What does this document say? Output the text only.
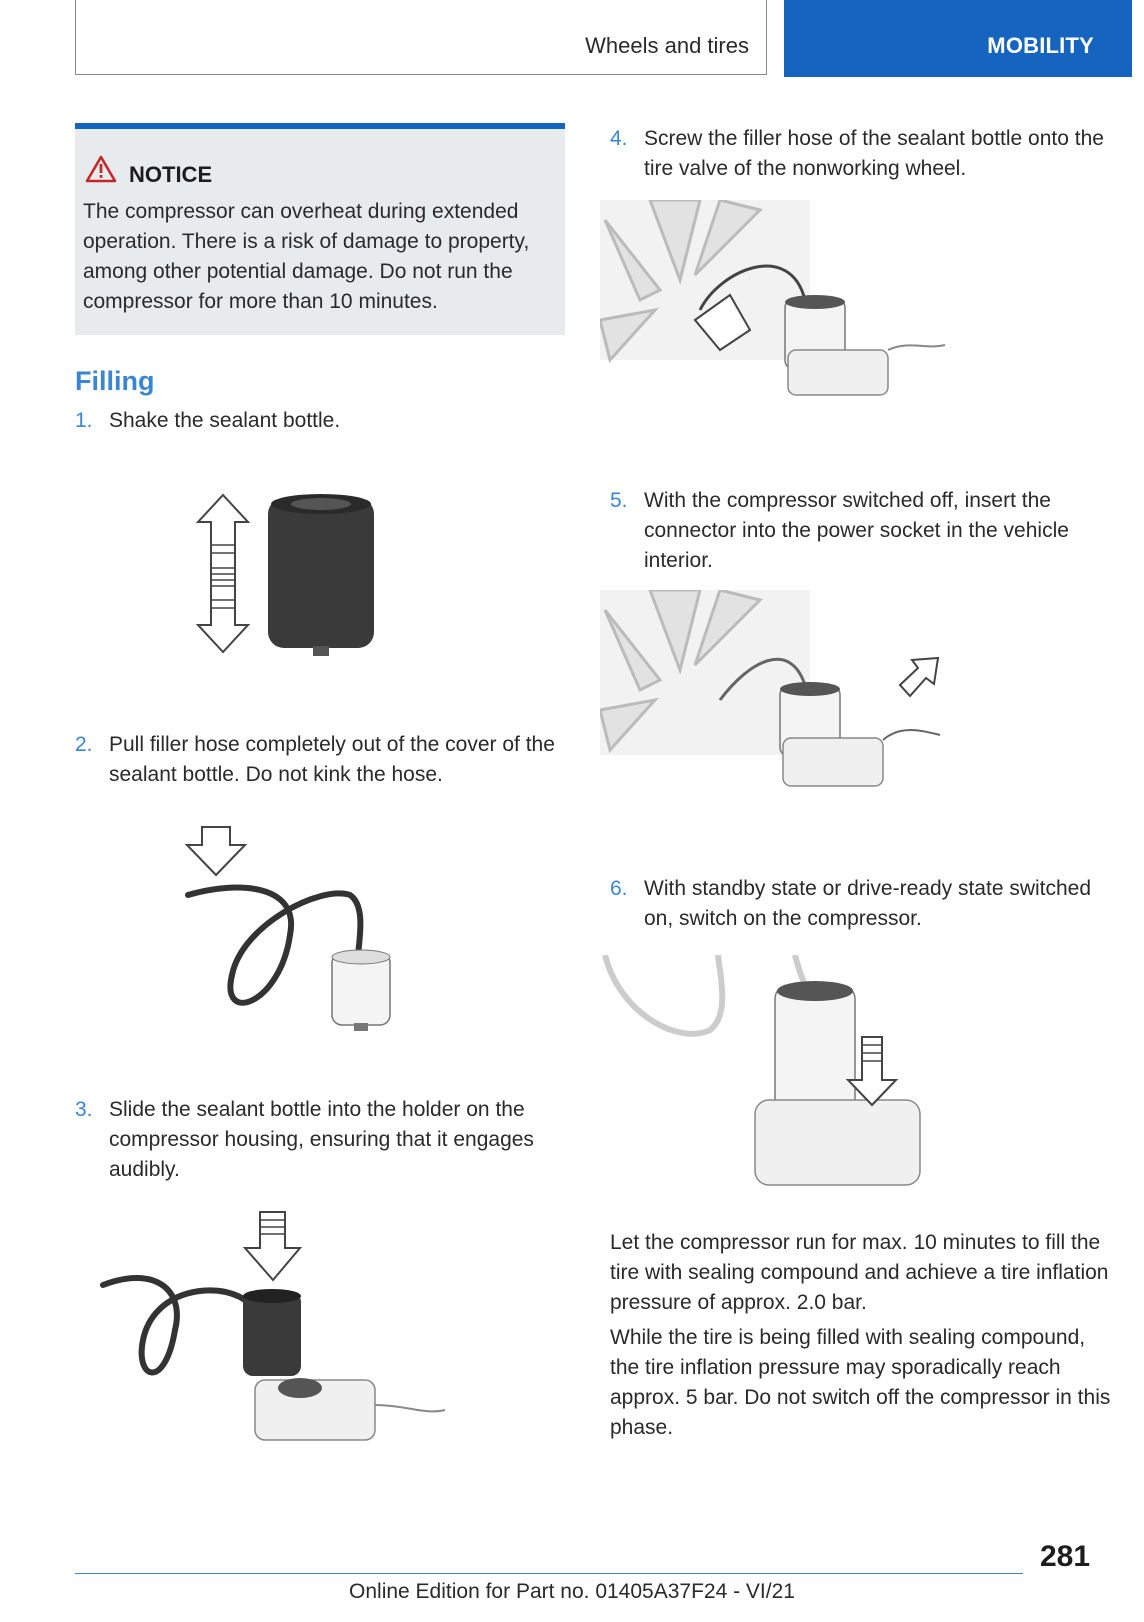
Wheels and tires	MOBILITY
NOTICE
The compressor can overheat during extended operation. There is a risk of damage to property, among other potential damage. Do not run the compressor for more than 10 minutes.
Filling
1. Shake the sealant bottle.
2. Pull filler hose completely out of the cover of the sealant bottle. Do not kink the hose.
3. Slide the sealant bottle into the holder on the compressor housing, ensuring that it engages audibly.
4. Screw the filler hose of the sealant bottle onto the tire valve of the nonworking wheel.
5. With the compressor switched off, insert the connector into the power socket in the vehicle interior.
6. With standby state or drive-ready state switched on, switch on the compressor.
Let the compressor run for max. 10 minutes to fill the tire with sealing compound and achieve a tire inflation pressure of approx. 2.0 bar.
While the tire is being filled with sealing compound, the tire inflation pressure may sporadically reach approx. 5 bar. Do not switch off the compressor in this phase.
281
Online Edition for Part no. 01405A37F24 - VI/21
